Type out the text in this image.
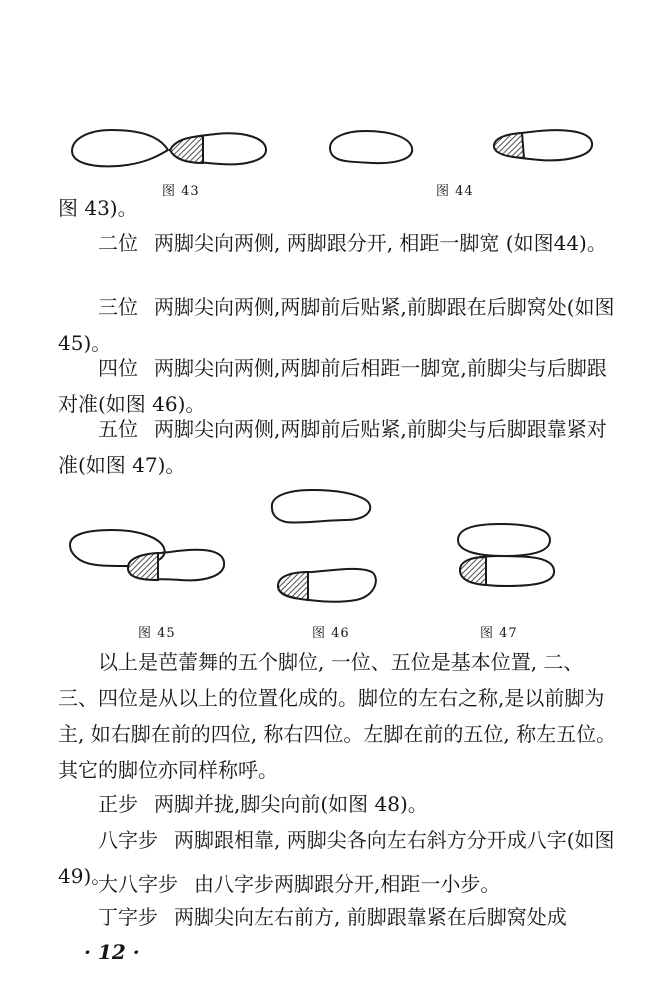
图 43	图 44
图 45	图 46	图 47

图 43)。

二位 两脚尖向两侧, 两脚跟分开, 相距一脚宽 (如图44)。

三位 两脚尖向两侧,两脚前后贴紧,前脚跟在后脚窝处(如图 45)。

四位 两脚尖向两侧,两脚前后相距一脚宽,前脚尖与后脚跟对准(如图 46)。

五位 两脚尖向两侧,两脚前后贴紧,前脚尖与后脚跟靠紧对准(如图 47)。

以上是芭蕾舞的五个脚位, 一位、五位是基本位置, 二、三、四位是从以上的位置化成的。脚位的左右之称,是以前脚为主, 如右脚在前的四位, 称右四位。左脚在前的五位, 称左五位。其它的脚位亦同样称呼。

正步 两脚并拢,脚尖向前(如图 48)。

八字步 两脚跟相靠, 两脚尖各向左右斜方分开成八字(如图 49)。

大八字步 由八字步两脚跟分开,相距一小步。

丁字步 两脚尖向左右前方, 前脚跟靠紧在后脚窝处成

· 12 ·
